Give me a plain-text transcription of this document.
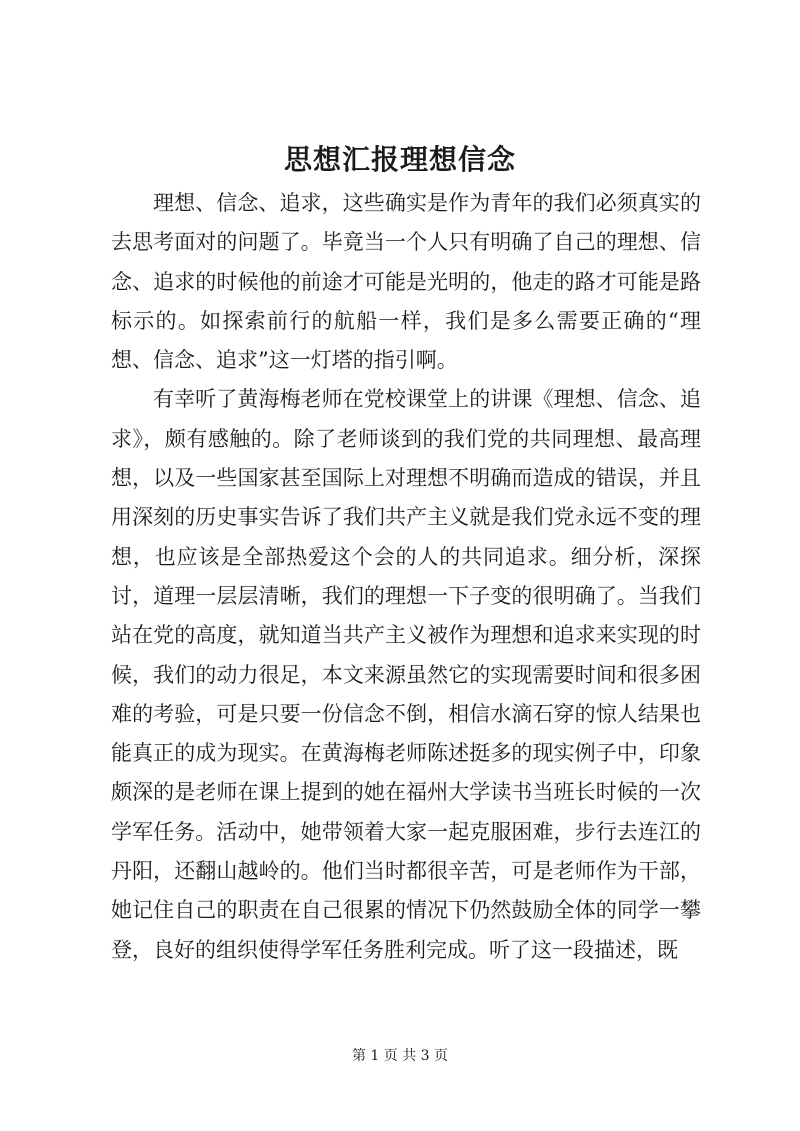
思想汇报理想信念

理想、信念、追求，这些确实是作为青年的我们必须真实的去思考面对的问题了。毕竟当一个人只有明确了自己的理想、信念、追求的时候他的前途才可能是光明的，他走的路才可能是路标示的。如探索前行的航船一样，我们是多么需要正确的“理想、信念、追求”这一灯塔的指引啊。

有幸听了黄海梅老师在党校课堂上的讲课《理想、信念、追求》，颇有感触的。除了老师谈到的我们党的共同理想、最高理想，以及一些国家甚至国际上对理想不明确而造成的错误，并且用深刻的历史事实告诉了我们共产主义就是我们党永远不变的理想，也应该是全部热爱这个会的人的共同追求。细分析，深探讨，道理一层层清晰，我们的理想一下子变的很明确了。当我们站在党的高度，就知道当共产主义被作为理想和追求来实现的时候，我们的动力很足，本文来源虽然它的实现需要时间和很多困难的考验，可是只要一份信念不倒，相信水滴石穿的惊人结果也能真正的成为现实。在黄海梅老师陈述挺多的现实例子中，印象颇深的是老师在课上提到的她在福州大学读书当班长时候的一次学军任务。活动中，她带领着大家一起克服困难，步行去连江的丹阳，还翻山越岭的。他们当时都很辛苦，可是老师作为干部，她记住自己的职责在自己很累的情况下仍然鼓励全体的同学一攀登，良好的组织使得学军任务胜利完成。听了这一段描述，既

第 1 页 共 3 页
